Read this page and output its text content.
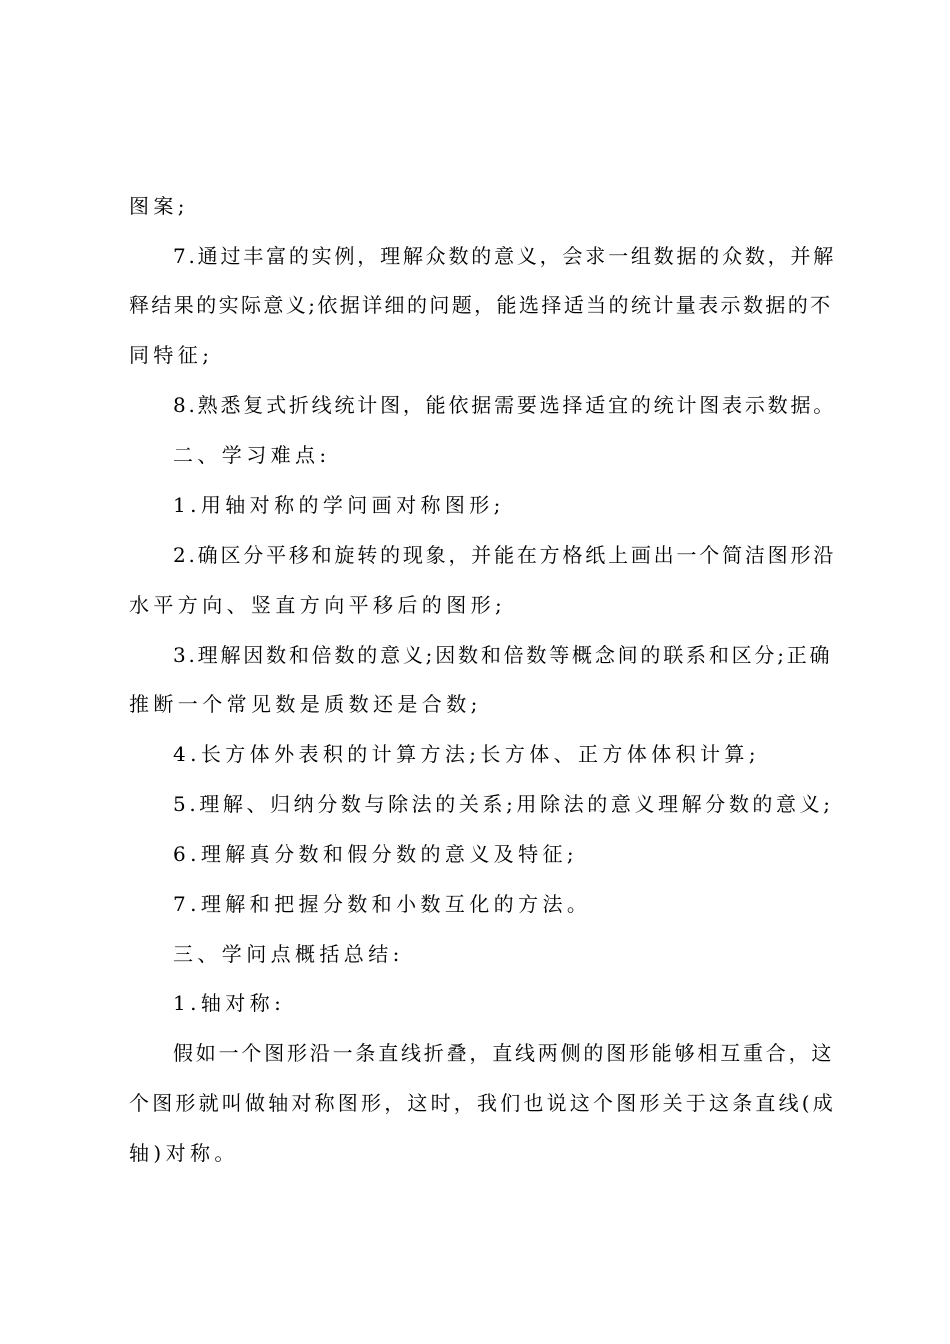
图案;

7.通过丰富的实例，理解众数的意义，会求一组数据的众数，并解

释结果的实际意义;依据详细的问题，能选择适当的统计量表示数据的不

同特征;

8.熟悉复式折线统计图，能依据需要选择适宜的统计图表示数据。

二、学习难点:

1.用轴对称的学问画对称图形;

2.确区分平移和旋转的现象，并能在方格纸上画出一个简洁图形沿

水平方向、竖直方向平移后的图形;

3.理解因数和倍数的意义;因数和倍数等概念间的联系和区分;正确

推断一个常见数是质数还是合数;

4.长方体外表积的计算方法;长方体、正方体体积计算;

5.理解、归纳分数与除法的关系;用除法的意义理解分数的意义;

6.理解真分数和假分数的意义及特征;

7.理解和把握分数和小数互化的方法。

三、学问点概括总结:

1.轴对称:

假如一个图形沿一条直线折叠，直线两侧的图形能够相互重合，这

个图形就叫做轴对称图形，这时，我们也说这个图形关于这条直线(成

轴)对称。
